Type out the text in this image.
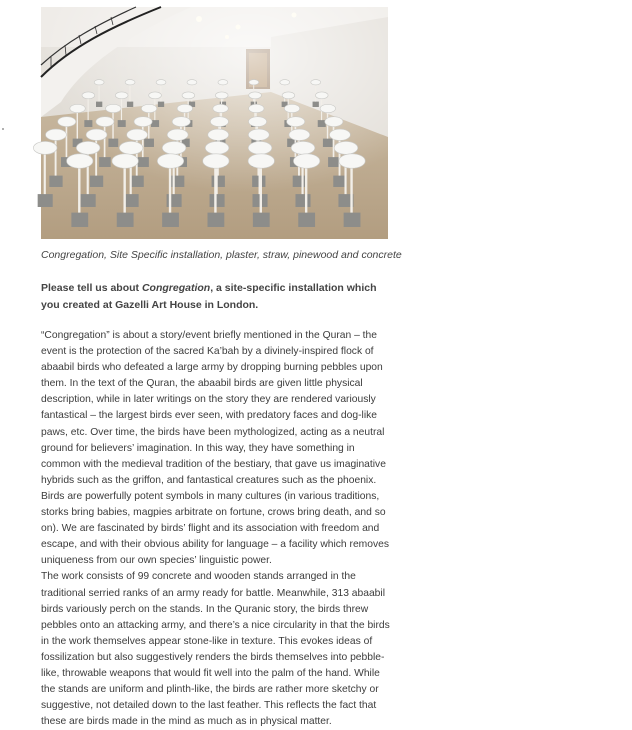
Congregation, Site Specific installation, plaster, straw, pinewood and concrete
Please tell us about Congregation, a site-specific installation which you created at Gazelli Art House in London.

“Congregation” is about a story/event briefly mentioned in the Quran – the event is the protection of the sacred Ka’bah by a divinely-inspired flock of abaabil birds who defeated a large army by dropping burning pebbles upon them. In the text of the Quran, the abaabil birds are given little physical description, while in later writings on the story they are rendered variously fantastical – the largest birds ever seen, with predatory faces and dog-like paws, etc. Over time, the birds have been mythologized, acting as a neutral ground for believers’ imagination. In this way, they have something in common with the medieval tradition of the bestiary, that gave us imaginative hybrids such as the griffon, and fantastical creatures such as the phoenix. Birds are powerfully potent symbols in many cultures (in various traditions, storks bring babies, magpies arbitrate on fortune, crows bring death, and so on). We are fascinated by birds’ flight and its association with freedom and escape, and with their obvious ability for language – a facility which removes uniqueness from our own species’ linguistic power.

The work consists of 99 concrete and wooden stands arranged in the traditional serried ranks of an army ready for battle. Meanwhile, 313 abaabil birds variously perch on the stands. In the Quranic story, the birds threw pebbles onto an attacking army, and there’s a nice circularity in that the birds in the work themselves appear stone-like in texture. This evokes ideas of fossilization but also suggestively renders the birds themselves into pebble-like, throwable weapons that would fit well into the palm of the hand. While the stands are uniform and plinth-like, the birds are rather more sketchy or suggestive, not detailed down to the last feather. This reflects the fact that these are birds made in the mind as much as in physical matter.
